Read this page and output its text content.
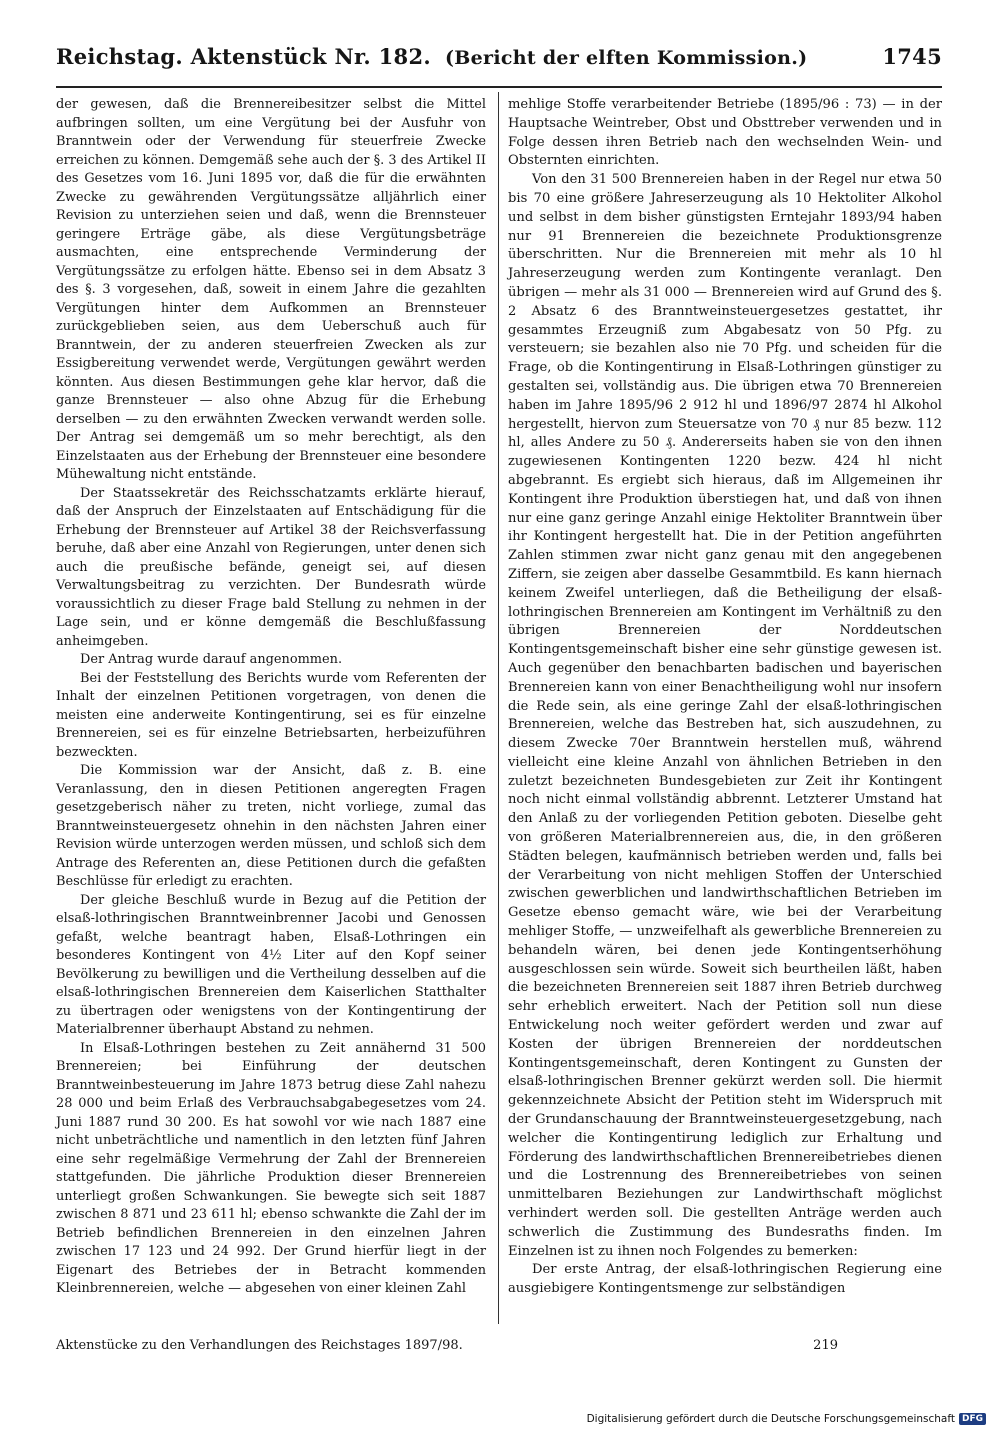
Reichstag. Aktenstück Nr. 182. (Bericht der elften Kommission.)	1745

der gewesen, daß die Brennereibesitzer selbst die Mittel aufbringen sollten, um eine Vergütung bei der Ausfuhr von Branntwein oder der Verwendung für steuerfreie Zwecke erreichen zu können. Demgemäß sehe auch der §. 3 des Artikel II des Gesetzes vom 16. Juni 1895 vor, daß die für die erwähnten Zwecke zu gewährenden Vergütungssätze alljährlich einer Revision zu unterziehen seien und daß, wenn die Brennsteuer geringere Erträge gäbe, als diese Vergütungsbeträge ausmachten, eine entsprechende Verminderung der Vergütungssätze zu erfolgen hätte. Ebenso sei in dem Absatz 3 des §. 3 vorgesehen, daß, soweit in einem Jahre die gezahlten Vergütungen hinter dem Aufkommen an Brennsteuer zurückgeblieben seien, aus dem Ueberschuß auch für Branntwein, der zu anderen steuerfreien Zwecken als zur Essigbereitung verwendet werde, Vergütungen gewährt werden könnten. Aus diesen Bestimmungen gehe klar hervor, daß die ganze Brennsteuer — also ohne Abzug für die Erhebung derselben — zu den erwähnten Zwecken verwandt werden solle. Der Antrag sei demgemäß um so mehr berechtigt, als den Einzelstaaten aus der Erhebung der Brennsteuer eine besondere Mühewaltung nicht entstände.

Der Staatssekretär des Reichsschatzamts erklärte hierauf, daß der Anspruch der Einzelstaaten auf Entschädigung für die Erhebung der Brennsteuer auf Artikel 38 der Reichsverfassung beruhe, daß aber eine Anzahl von Regierungen, unter denen sich auch die preußische befände, geneigt sei, auf diesen Verwaltungsbeitrag zu verzichten. Der Bundesrath würde voraussichtlich zu dieser Frage bald Stellung zu nehmen in der Lage sein, und er könne demgemäß die Beschlußfassung anheimgeben.

Der Antrag wurde darauf angenommen.

Bei der Feststellung des Berichts wurde vom Referenten der Inhalt der einzelnen Petitionen vorgetragen, von denen die meisten eine anderweite Kontingentirung, sei es für einzelne Brennereien, sei es für einzelne Betriebsarten, herbeizuführen bezweckten.

Die Kommission war der Ansicht, daß z. B. eine Veranlassung, den in diesen Petitionen angeregten Fragen gesetzgeberisch näher zu treten, nicht vorliege, zumal das Branntweinsteuergesetz ohnehin in den nächsten Jahren einer Revision würde unterzogen werden müssen, und schloß sich dem Antrage des Referenten an, diese Petitionen durch die gefaßten Beschlüsse für erledigt zu erachten.

Der gleiche Beschluß wurde in Bezug auf die Petition der elsaß-lothringischen Branntweinbrenner Jacobi und Genossen gefaßt, welche beantragt haben, Elsaß-Lothringen ein besonderes Kontingent von 4½ Liter auf den Kopf seiner Bevölkerung zu bewilligen und die Vertheilung desselben auf die elsaß-lothringischen Brennereien dem Kaiserlichen Statthalter zu übertragen oder wenigstens von der Kontingentirung der Materialbrenner überhaupt Abstand zu nehmen.

In Elsaß-Lothringen bestehen zu Zeit annähernd 31 500 Brennereien; bei Einführung der deutschen Branntweinbesteuerung im Jahre 1873 betrug diese Zahl nahezu 28 000 und beim Erlaß des Verbrauchsabgabegesetzes vom 24. Juni 1887 rund 30 200. Es hat sowohl vor wie nach 1887 eine nicht unbeträchtliche und namentlich in den letzten fünf Jahren eine sehr regelmäßige Vermehrung der Zahl der Brennereien stattgefunden. Die jährliche Produktion dieser Brennereien unterliegt großen Schwankungen. Sie bewegte sich seit 1887 zwischen 8 871 und 23 611 hl; ebenso schwankte die Zahl der im Betrieb befindlichen Brennereien in den einzelnen Jahren zwischen 17 123 und 24 992. Der Grund hierfür liegt in der Eigenart des Betriebes der in Betracht kommenden Kleinbrennereien, welche — abgesehen von einer kleinen Zahl

mehlige Stoffe verarbeitender Betriebe (1895/96 : 73) — in der Hauptsache Weintreber, Obst und Obsttreber verwenden und in Folge dessen ihren Betrieb nach den wechselnden Wein- und Obsternten einrichten.

Von den 31 500 Brennereien haben in der Regel nur etwa 50 bis 70 eine größere Jahreserzeugung als 10 Hektoliter Alkohol und selbst in dem bisher günstigsten Erntejahr 1893/94 haben nur 91 Brennereien die bezeichnete Produktionsgrenze überschritten. Nur die Brennereien mit mehr als 10 hl Jahreserzeugung werden zum Kontingente veranlagt. Den übrigen — mehr als 31 000 — Brennereien wird auf Grund des §. 2 Absatz 6 des Branntweinsteuergesetzes gestattet, ihr gesammtes Erzeugniß zum Abgabesatz von 50 Pfg. zu versteuern; sie bezahlen also nie 70 Pfg. und scheiden für die Frage, ob die Kontingentirung in Elsaß-Lothringen günstiger zu gestalten sei, vollständig aus. Die übrigen etwa 70 Brennereien haben im Jahre 1895/96 2 912 hl und 1896/97 2874 hl Alkohol hergestellt, hiervon zum Steuersatze von 70 ₰ nur 85 bezw. 112 hl, alles Andere zu 50 ₰. Andererseits haben sie von den ihnen zugewiesenen Kontingenten 1220 bezw. 424 hl nicht abgebrannt. Es ergiebt sich hieraus, daß im Allgemeinen ihr Kontingent ihre Produktion überstiegen hat, und daß von ihnen nur eine ganz geringe Anzahl einige Hektoliter Branntwein über ihr Kontingent hergestellt hat. Die in der Petition angeführten Zahlen stimmen zwar nicht ganz genau mit den angegebenen Ziffern, sie zeigen aber dasselbe Gesammtbild. Es kann hiernach keinem Zweifel unterliegen, daß die Betheiligung der elsaß-lothringischen Brennereien am Kontingent im Verhältniß zu den übrigen Brennereien der Norddeutschen Kontingentsgemeinschaft bisher eine sehr günstige gewesen ist. Auch gegenüber den benachbarten badischen und bayerischen Brennereien kann von einer Benachtheiligung wohl nur insofern die Rede sein, als eine geringe Zahl der elsaß-lothringischen Brennereien, welche das Bestreben hat, sich auszudehnen, zu diesem Zwecke 70er Branntwein herstellen muß, während vielleicht eine kleine Anzahl von ähnlichen Betrieben in den zuletzt bezeichneten Bundesgebieten zur Zeit ihr Kontingent noch nicht einmal vollständig abbrennt. Letzterer Umstand hat den Anlaß zu der vorliegenden Petition geboten. Dieselbe geht von größeren Materialbrennereien aus, die, in den größeren Städten belegen, kaufmännisch betrieben werden und, falls bei der Verarbeitung von nicht mehligen Stoffen der Unterschied zwischen gewerblichen und landwirthschaftlichen Betrieben im Gesetze ebenso gemacht wäre, wie bei der Verarbeitung mehliger Stoffe, — unzweifelhaft als gewerbliche Brennereien zu behandeln wären, bei denen jede Kontingentserhöhung ausgeschlossen sein würde. Soweit sich beurtheilen läßt, haben die bezeichneten Brennereien seit 1887 ihren Betrieb durchweg sehr erheblich erweitert. Nach der Petition soll nun diese Entwickelung noch weiter gefördert werden und zwar auf Kosten der übrigen Brennereien der norddeutschen Kontingentsgemeinschaft, deren Kontingent zu Gunsten der elsaß-lothringischen Brenner gekürzt werden soll. Die hiermit gekennzeichnete Absicht der Petition steht im Widerspruch mit der Grundanschauung der Branntweinsteuergesetzgebung, nach welcher die Kontingentirung lediglich zur Erhaltung und Förderung des landwirthschaftlichen Brennereibetriebes dienen und die Lostrennung des Brennereibetriebes von seinen unmittelbaren Beziehungen zur Landwirthschaft möglichst verhindert werden soll. Die gestellten Anträge werden auch schwerlich die Zustimmung des Bundesraths finden. Im Einzelnen ist zu ihnen noch Folgendes zu bemerken:

Der erste Antrag, der elsaß-lothringischen Regierung eine ausgiebigere Kontingentsmenge zur selbständigen

Aktenstücke zu den Verhandlungen des Reichstages 1897/98.	219
Digitalisierung gefördert durch die Deutsche Forschungsgemeinschaft DFG
